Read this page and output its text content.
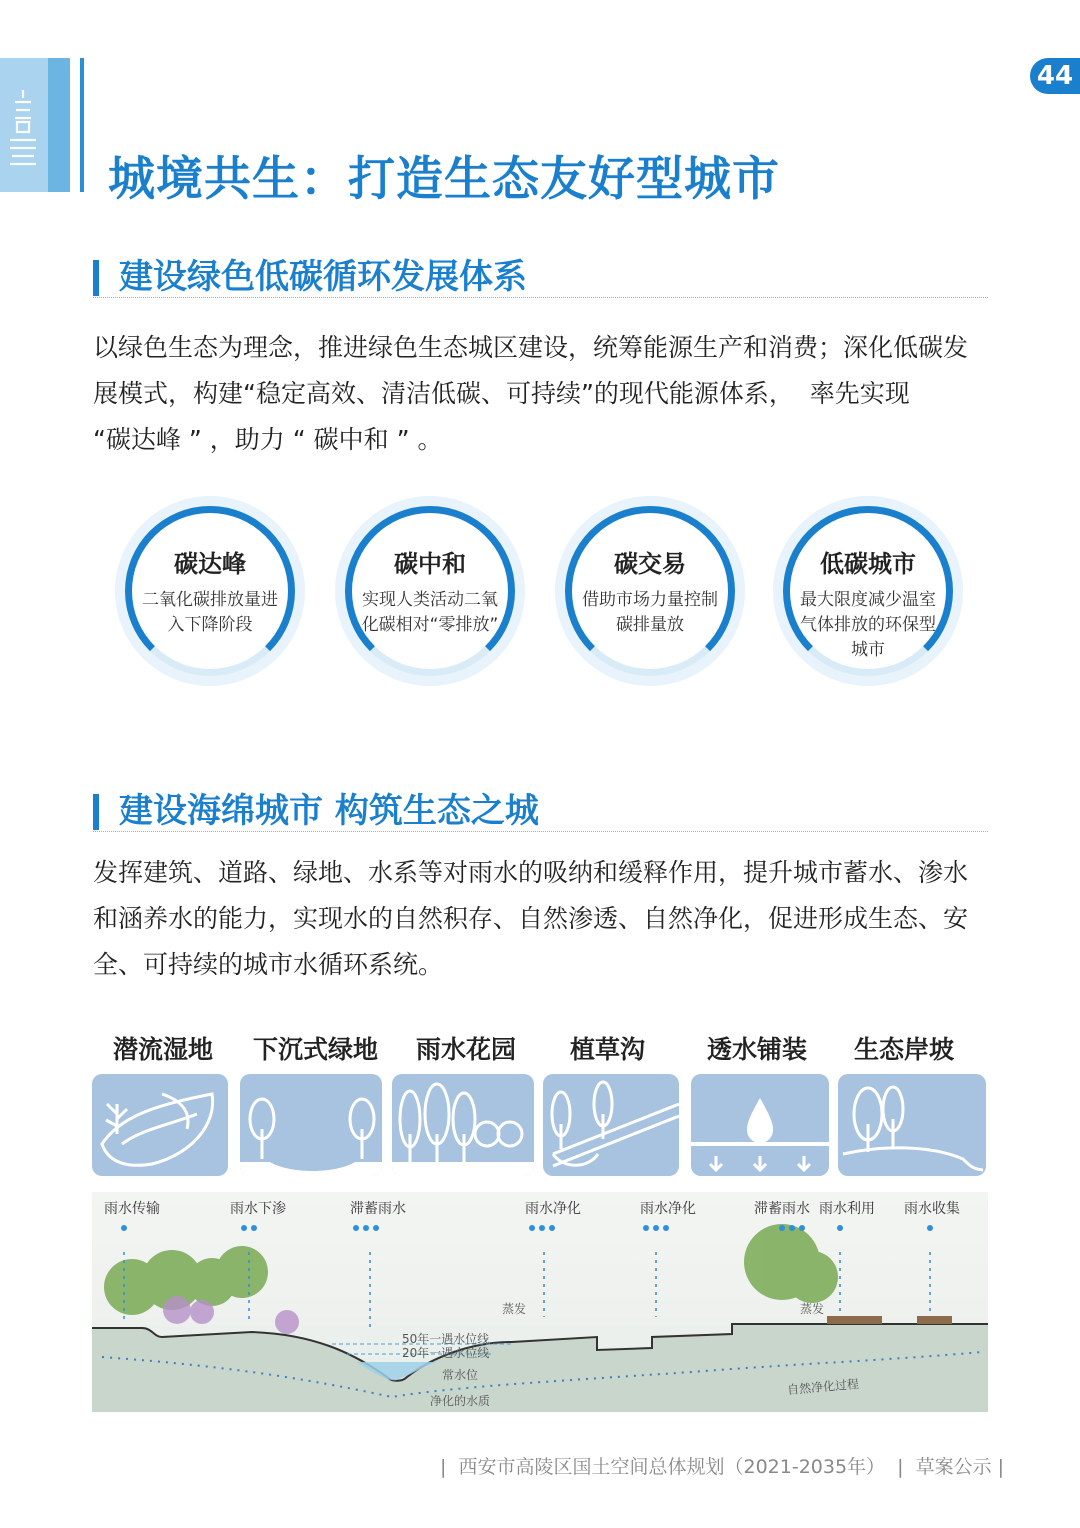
44
城境共生：打造生态友好型城市
建设绿色低碳循环发展体系
以绿色生态为理念，推进绿色生态城区建设，统筹能源生产和消费；深化低碳发
展模式，构建“稳定高效、清洁低碳、可持续”的现代能源体系，  率先实现
“碳达峰 ” ，助力 “ 碳中和 ” 。
碳达峰
二氧化碳排放量进入下降阶段
碳中和
实现人类活动二氧化碳相对“零排放”
碳交易
借助市场力量控制碳排量放
低碳城市
最大限度减少温室气体排放的环保型城市
建设海绵城市 构筑生态之城
发挥建筑、道路、绿地、水系等对雨水的吸纳和缓释作用，提升城市蓄水、渗水
和涵养水的能力，实现水的自然积存、自然渗透、自然净化，促进形成生态、安
全、可持续的城市水循环系统。
潜流湿地 下沉式绿地 雨水花园 植草沟 透水铺装 生态岸坡
雨水传输	雨水下渗	滞蓄雨水	雨水净化	雨水净化	滞蓄雨水 雨水利用 雨水收集
蒸发	蒸发
50年一遇水位线
20年一遇水位线
常水位
净化的水质
自然净化过程
|  西安市高陵区国土空间总体规划（2021-2035年）  |  草案公示 |
